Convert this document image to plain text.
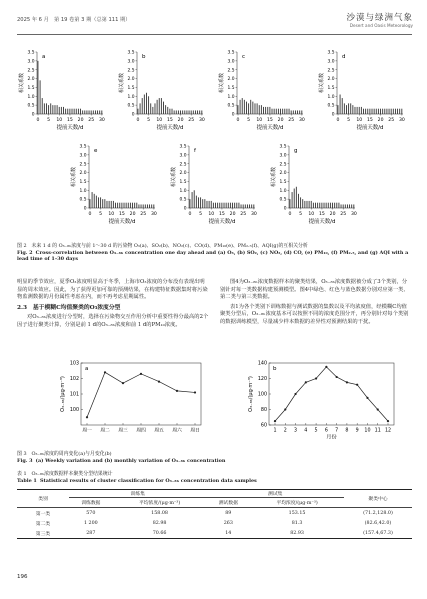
2025 年 6 月　第 19 卷第 3 期（总第 111 期）	沙漠与绿洲气象
Desert and Oasis Meteorology
a
3.5
3.0
2.5
2.0
1.5
1.0
0.5
0
0 5 10 15 20 25 30
提前天数/d
相关系数
b
3.5
3.0
2.5
2.0
1.5
1.0
0.5
0
0 5 10 15 20 25 30
提前天数/d
相关系数
c
3.5
3.0
2.5
2.0
1.5
1.0
0.5
0
0 5 10 15 20 25 30
提前天数/d
相关系数
d
3.5
3.0
2.5
2.0
1.5
1.0
0.5
0
0 5 10 15 20 25 30
提前天数/d
相关系数
e
3.5
3.0
2.5
2.0
1.5
1.0
0.5
0
0 5 10 15 20 25 30
提前天数/d
相关系数
f
3.5
3.0
2.5
2.0
1.5
1.0
0.5
0
0 5 10 15 20 25 30
提前天数/d
相关系数
g
3.5
3.0
2.5
2.0
1.5
1.0
0.5
0
0 5 10 15 20 25 30
提前天数/d
相关系数
图 2　未来 1 d 的 O₃₋₈ₕ浓度与前 1～30 d 的污染物 O₃(a)、SO₂(b)、NO₂(c)、CO(d)、PM₁₀(e)、PM₂.₅(f)、AQI(g)的互相关分析
Fig. 2 Cross-correlation between O₃₋₈ₕ concentration one day ahead and (a) O₃, (b) SO₂, (c) NO₂, (d) CO, (e) PM₁₀, (f) PM₂.₅, and (g) AQI with a lead time of 1–30 days
明显的季节效应，夏季O₃浓度明显高于冬季，上海市O₃浓度的分布没有表现出明显的周末效应。因此，为了获得更加可靠的预测结果，在构建特征数据集时将污染物监测数据的月份属性考虑在内，而不再考虑星期属性。
2.3　基于模糊C均值聚类的O₃浓度分型
对O₃₋₈ₕ浓度进行分型时，选择在污染物交互作用分析中重要性得分最高的2个因子进行聚类计算，分别是前 1 d的O₃₋₈ₕ浓度和前 1 d的PM₁₀浓度。
图4为O₃₋₈ₕ浓度数据样本的聚类结果，O₃₋₈ₕ浓度数据被分成了3个类别，分别针对每一类数据构建预测模型。图4中绿色、红色与蓝色数据分别对应第一类、第二类与第三类数据。
表1为各个类别下训练数据与测试数据的集数以及平均浓度值，经模糊C均值聚类分型后，O₃₋₈ₕ浓度基本可以按照不同的浓度范围分开，再分别针对每个类别的数据训练模型，尽量减少样本数据的差异性对预测结果的干扰。
a
100
101
102
103
周一 周二 周三 周四 周五 周六 周日
O₃₋₈ₕ/(μg·m⁻³)
b
60
80
100
120
140
1 2 3 4 5 6 7 8 9 10 11 12
O₃₋₈ₕ/(μg·m⁻³)
月份
图 3　O₃₋₈ₕ浓度的周内变化(a)与月变化(b)
Fig. 3 (a) Weekly variation and (b) monthly variation of O₃₋₈ₕ concentration
表 1　O₃₋₈ₕ浓度数据样本聚类分型结果统计
Table 1 Statistical results of cluster classification for O₃₋₈ₕ concentration data samples
类别	训练集		测试集		聚类中心
	训练数据	平均浓度/(μg·m⁻³)	测试数据	平均浓度/(μg·m⁻³)	
第一类	570	158.08	89	153.15	(71.2,128.0)
第二类	1 200	82.98	263	81.3	(82.6,42.0)
第三类	287	70.66	14	82.93	(157.4,67.3)
196
